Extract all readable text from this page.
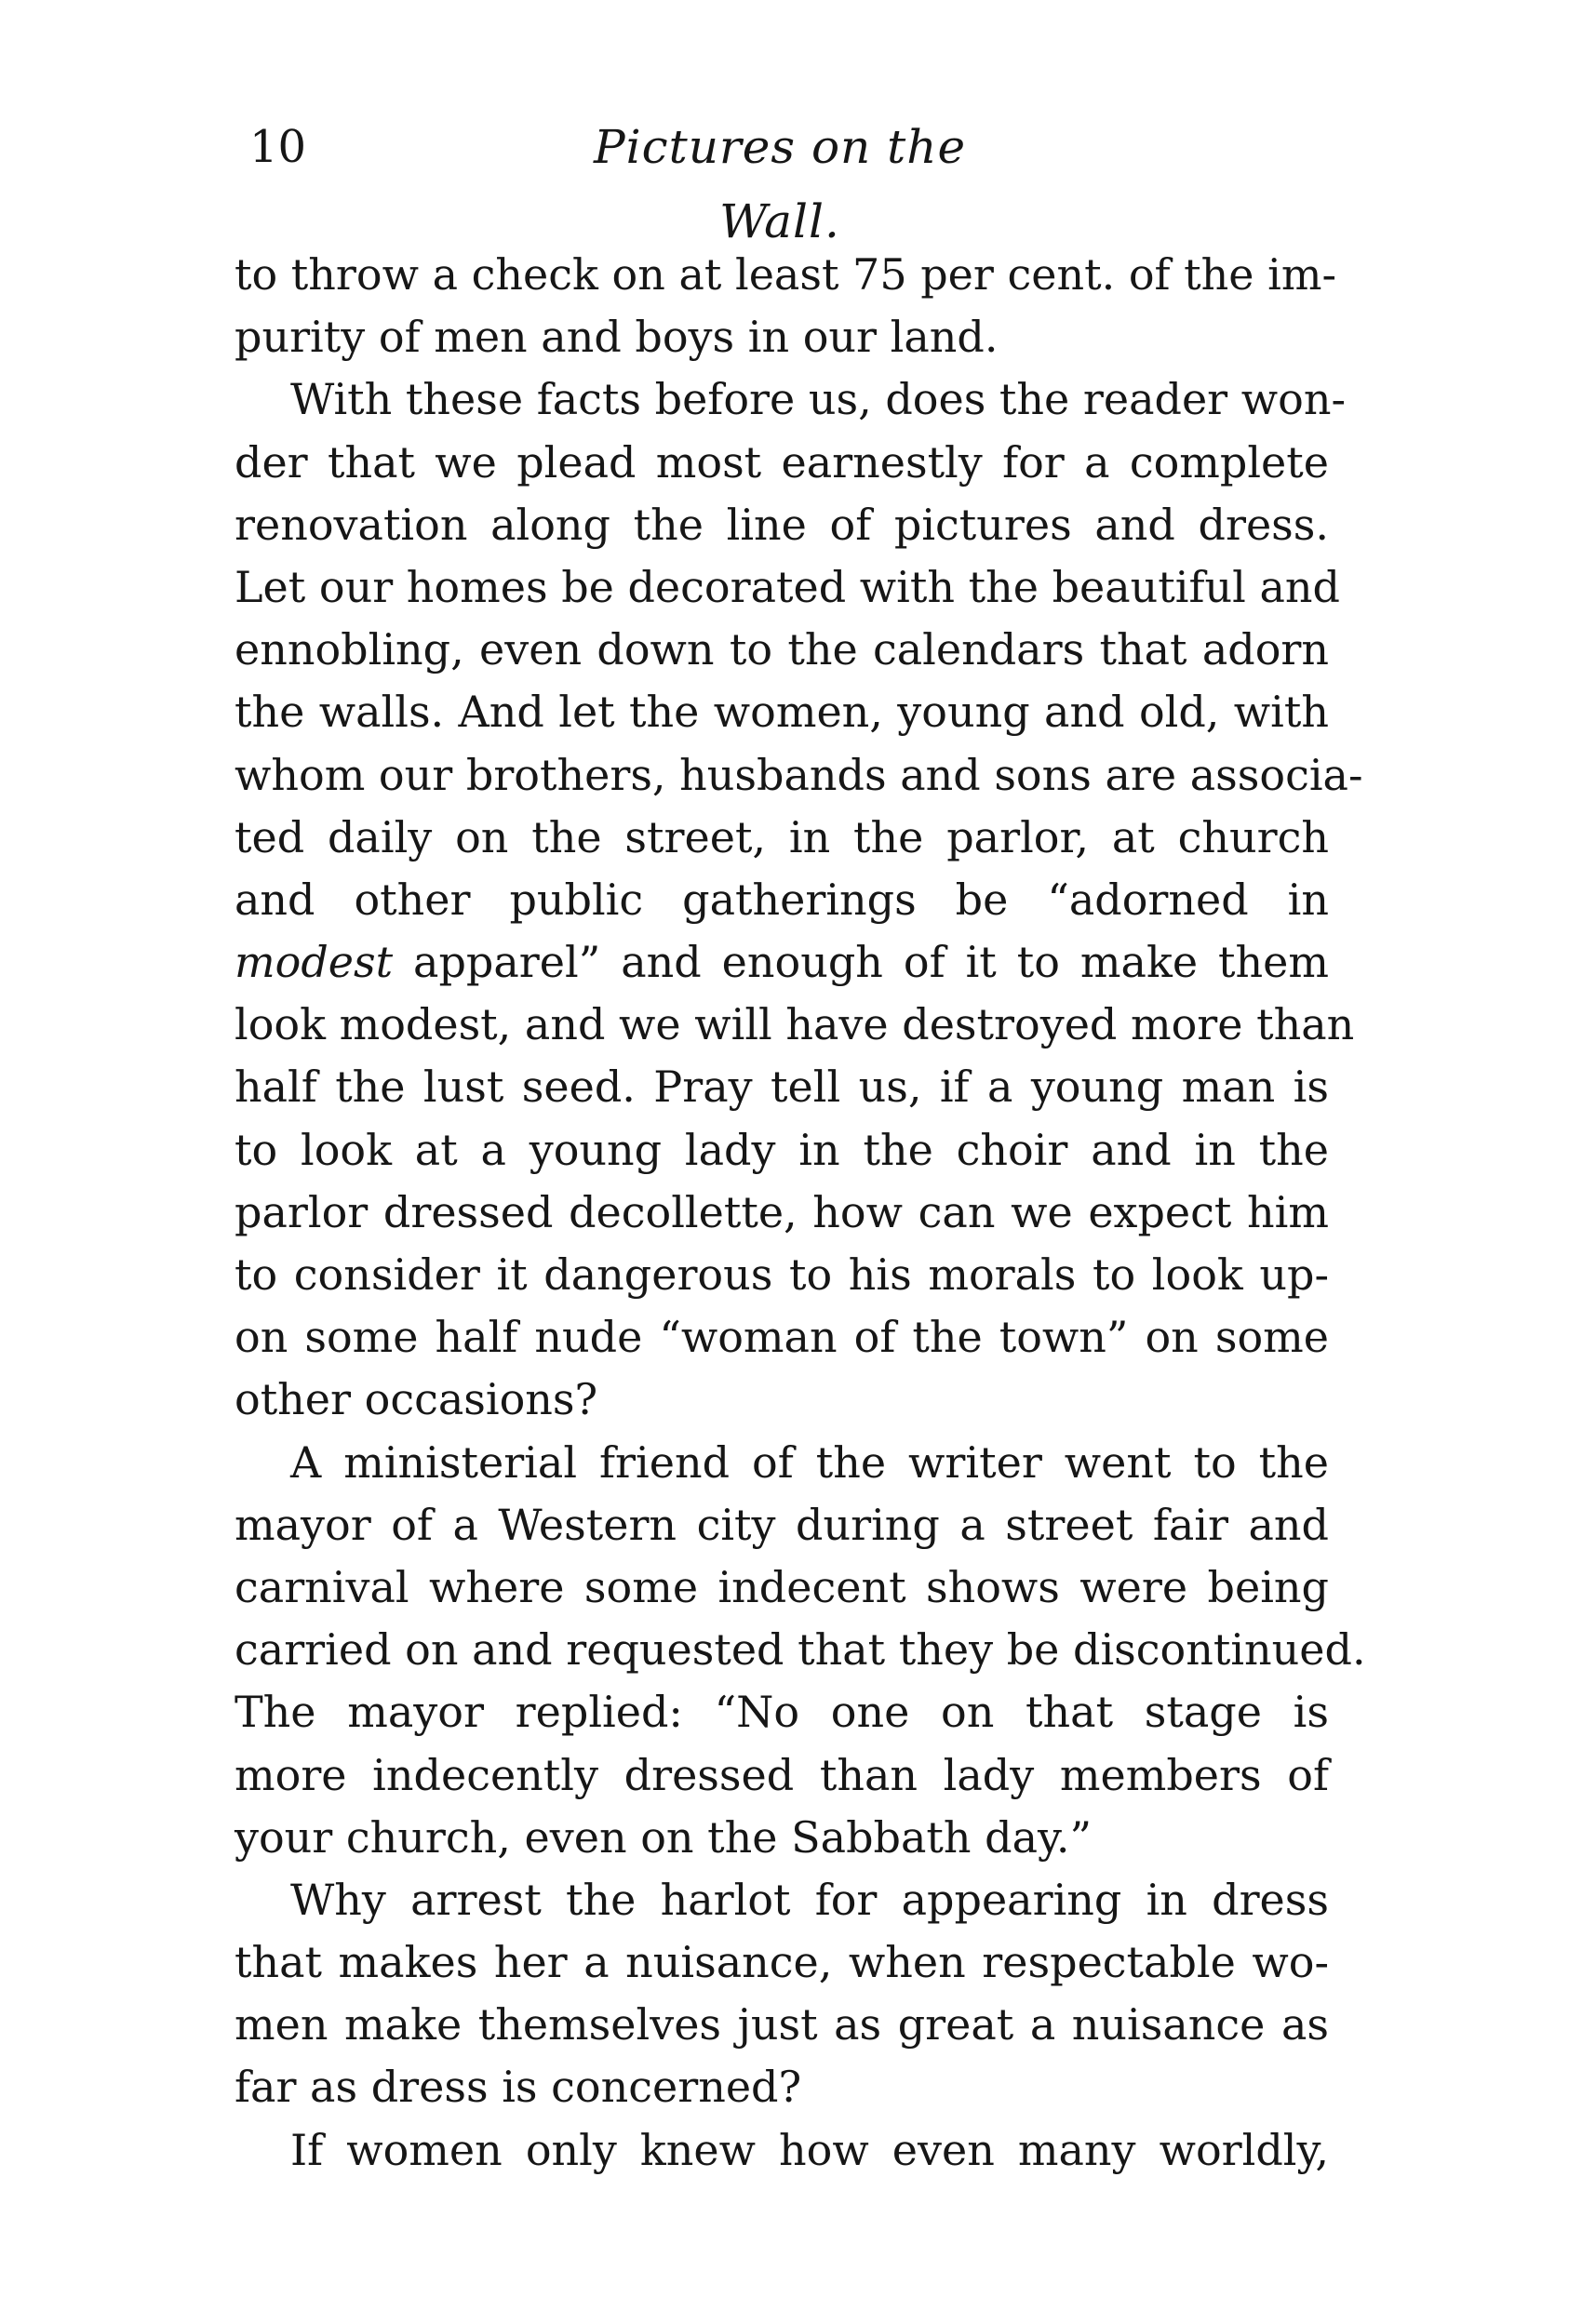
10	Pictures on the Wall.
to throw a check on at least 75 per cent. of the im-
purity of men and boys in our land.
With these facts before us, does the reader won-
der that we plead most earnestly for a complete
renovation along the line of pictures and dress.
Let our homes be decorated with the beautiful and
ennobling, even down to the calendars that adorn
the walls. And let the women, young and old, with
whom our brothers, husbands and sons are associa-
ted daily on the street, in the parlor, at church
and other public gatherings be “adorned in
modest apparel” and enough of it to make them
look modest, and we will have destroyed more than
half the lust seed. Pray tell us, if a young man is
to look at a young lady in the choir and in the
parlor dressed decollette, how can we expect him
to consider it dangerous to his morals to look up-
on some half nude “woman of the town” on some
other occasions?
A ministerial friend of the writer went to the
mayor of a Western city during a street fair and
carnival where some indecent shows were being
carried on and requested that they be discontinued.
The mayor replied: “No one on that stage is
more indecently dressed than lady members of
your church, even on the Sabbath day.”
Why arrest the harlot for appearing in dress
that makes her a nuisance, when respectable wo-
men make themselves just as great a nuisance as
far as dress is concerned?
If women only knew how even many worldly,
